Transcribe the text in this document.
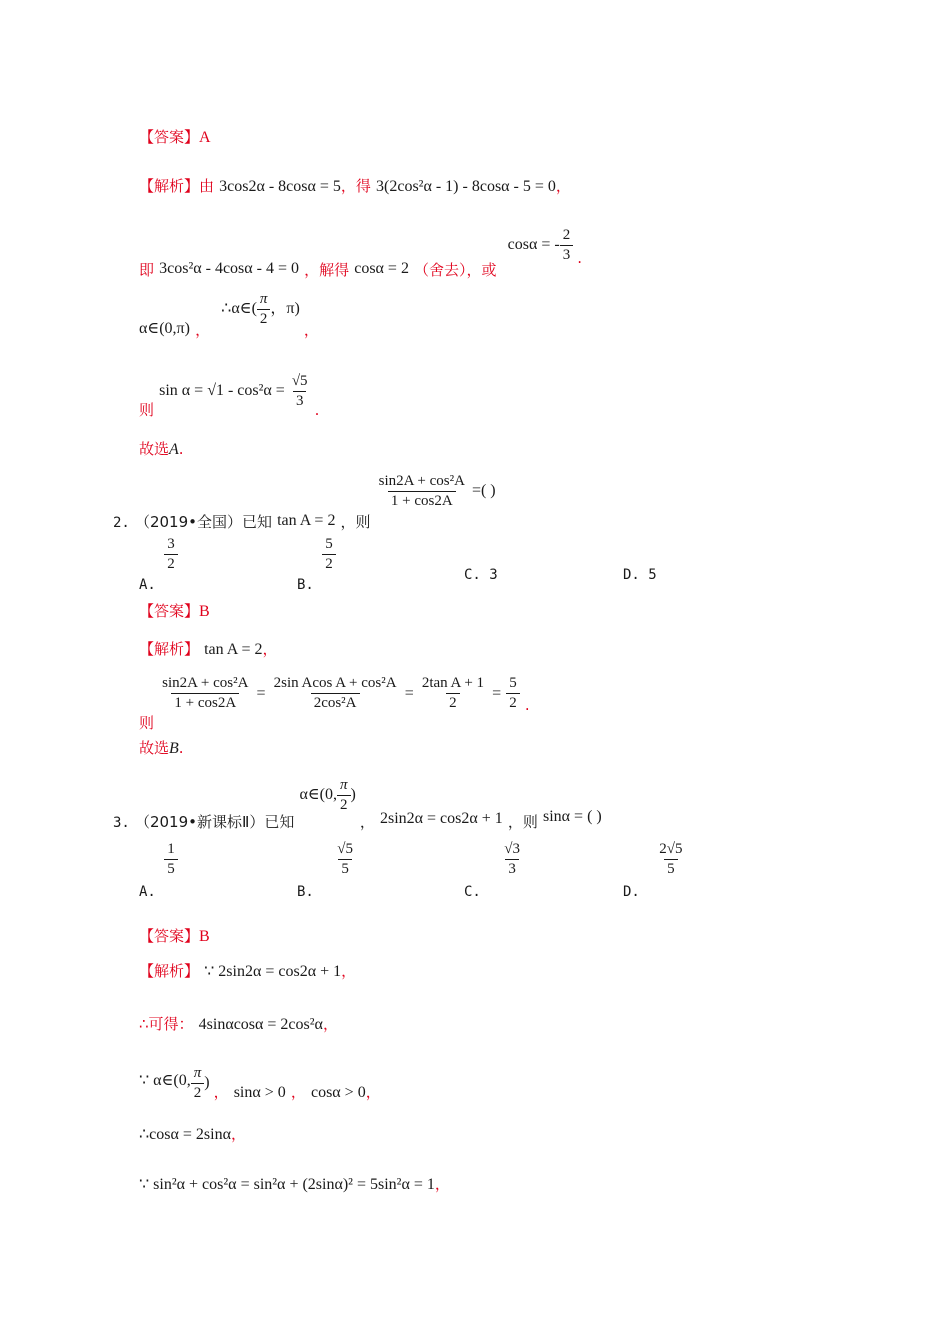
【答案】A
【解析】由 3cos2α - 8cosα = 5，得 3(2cos²α - 1) - 8cosα - 5 = 0，
即 3cos²α - 4cosα - 4 = 0 ，解得 cosα = 2 （舍去），或 cosα = - $\frac{2}{3}$ .
α∈(0,π) ， ∴α∈( $\frac{\pi}{2}$ ，π) ，
则 $\sin \alpha = √1 - \cos^2\alpha = \frac{√5}{3}$
.
故选A.
2. （2019•全国）已知 tan A = 2 ，则
$\frac{\text{sin2A + cos²A}}{1 + \cos 2A}$ =( )
A.
$\frac{3}{2}$
B.
$\frac{5}{2}$
C. 3	D. 5
【答案】B
【解析】 tan A = 2，
则
$\frac{\text{sin2A + cos²A}}{1 + \cos 2A} = \frac{\text{2sin Acos A + cos²A}}{\text{2cos²A}} = \frac{\text{2tan A + 1}}{2} = \frac{5}{2}$ .
故选B.
3. （2019•新课标Ⅱ）已知 α∈(0, $\frac{\pi}{2}$ ) ， 2sin2α = cos2α + 1 ，则 sinα = ( )
A.
$\frac{1}{5}$
B.
$\frac{√5}{5}$
C.
$\frac{√3}{3}$
D.
$\frac{2√5}{5}$
【答案】B
【解析】 ∵ 2sin2α = cos2α + 1，
∴可得： 4sinαcosα = 2cos²α，
∵ α∈(0, $\frac{\pi}{2}$ ) ， sinα > 0 ， cosα > 0，
∴cosα = 2sinα，
∵ sin²α + cos²α = sin²α + (2sinα)² = 5sin²α = 1，
